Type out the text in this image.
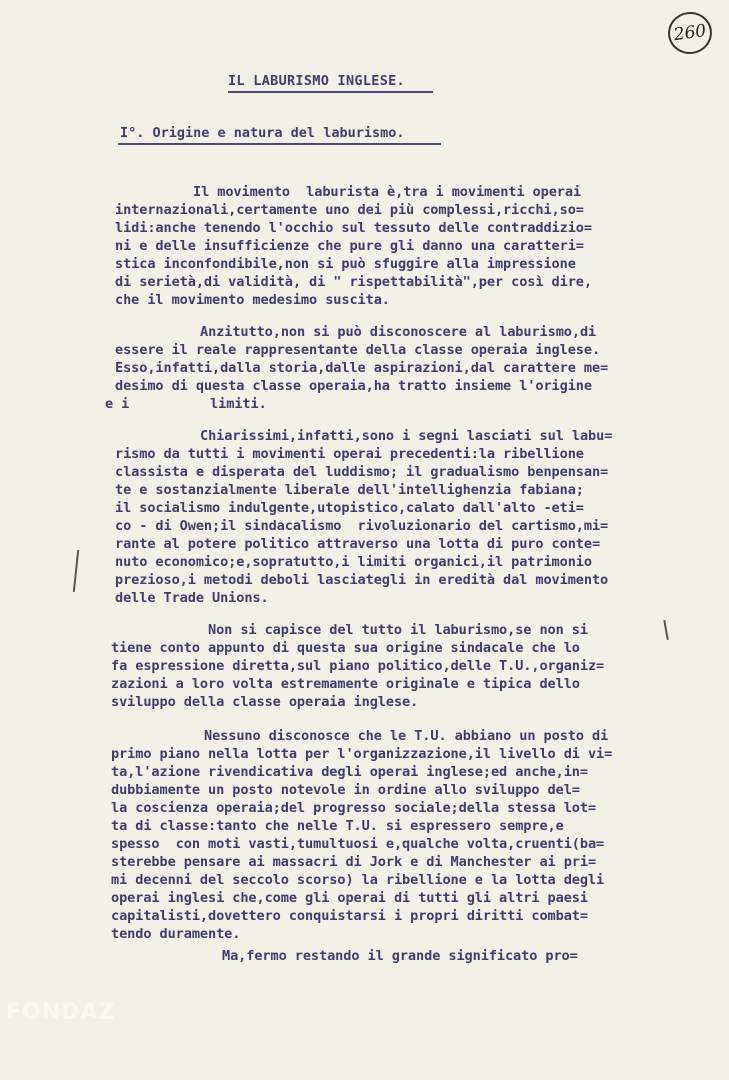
260
IL LABURISMO INGLESE.
I°. Origine e natura del laburismo.
Il movimento  laburista è,tra i movimenti operai
internazionali,certamente uno dei più complessi,ricchi,so=
lidi:anche tenendo l'occhio sul tessuto delle contraddizio=
ni e delle insufficienze che pure gli danno una caratteri=
stica inconfondibile,non si può sfuggire alla impressione
di serietà,di validità, di " rispettabilità",per così dire,
che il movimento medesimo suscita.
Anzitutto,non si può disconoscere al laburismo,di
essere il reale rappresentante della classe operaia inglese.
Esso,infatti,dalla storia,dalle aspirazioni,dal carattere me=
desimo di questa classe operaia,ha tratto insieme l'origine
e i          limiti.
Chiarissimi,infatti,sono i segni lasciati sul labu=
rismo da tutti i movimenti operai precedenti:la ribellione
classista e disperata del luddismo; il gradualismo benpensan=
te e sostanzialmente liberale dell'intellighenzia fabiana;
il socialismo indulgente,utopistico,calato dall'alto -eti=
co - di Owen;il sindacalismo  rivoluzionario del cartismo,mi=
rante al potere politico attraverso una lotta di puro conte=
nuto economico;e,sopratutto,i limiti organici,il patrimonio
prezioso,i metodi deboli lasciategli in eredità dal movimento
delle Trade Unions.
Non si capisce del tutto il laburismo,se non si
tiene conto appunto di questa sua origine sindacale che lo
fa espressione diretta,sul piano politico,delle T.U.,organiz=
zazioni a loro volta estremamente originale e tipica dello
sviluppo della classe operaia inglese.
Nessuno disconosce che le T.U. abbiano un posto di
primo piano nella lotta per l'organizzazione,il livello di vi=
ta,l'azione rivendicativa degli operai inglese;ed anche,in=
dubbiamente un posto notevole in ordine allo sviluppo del=
la coscienza operaia;del progresso sociale;della stessa lot=
ta di classe:tanto che nelle T.U. si espressero sempre,e
spesso  con moti vasti,tumultuosi e,qualche volta,cruenti(ba=
sterebbe pensare ai massacri di Jork e di Manchester ai pri=
mi decenni del seccolo scorso) la ribellione e la lotta degli
operai inglesi che,come gli operai di tutti gli altri paesi
capitalisti,dovettero conquistarsi i propri diritti combat=
tendo duramente.
Ma,fermo restando il grande significato pro=
FONDAZ
